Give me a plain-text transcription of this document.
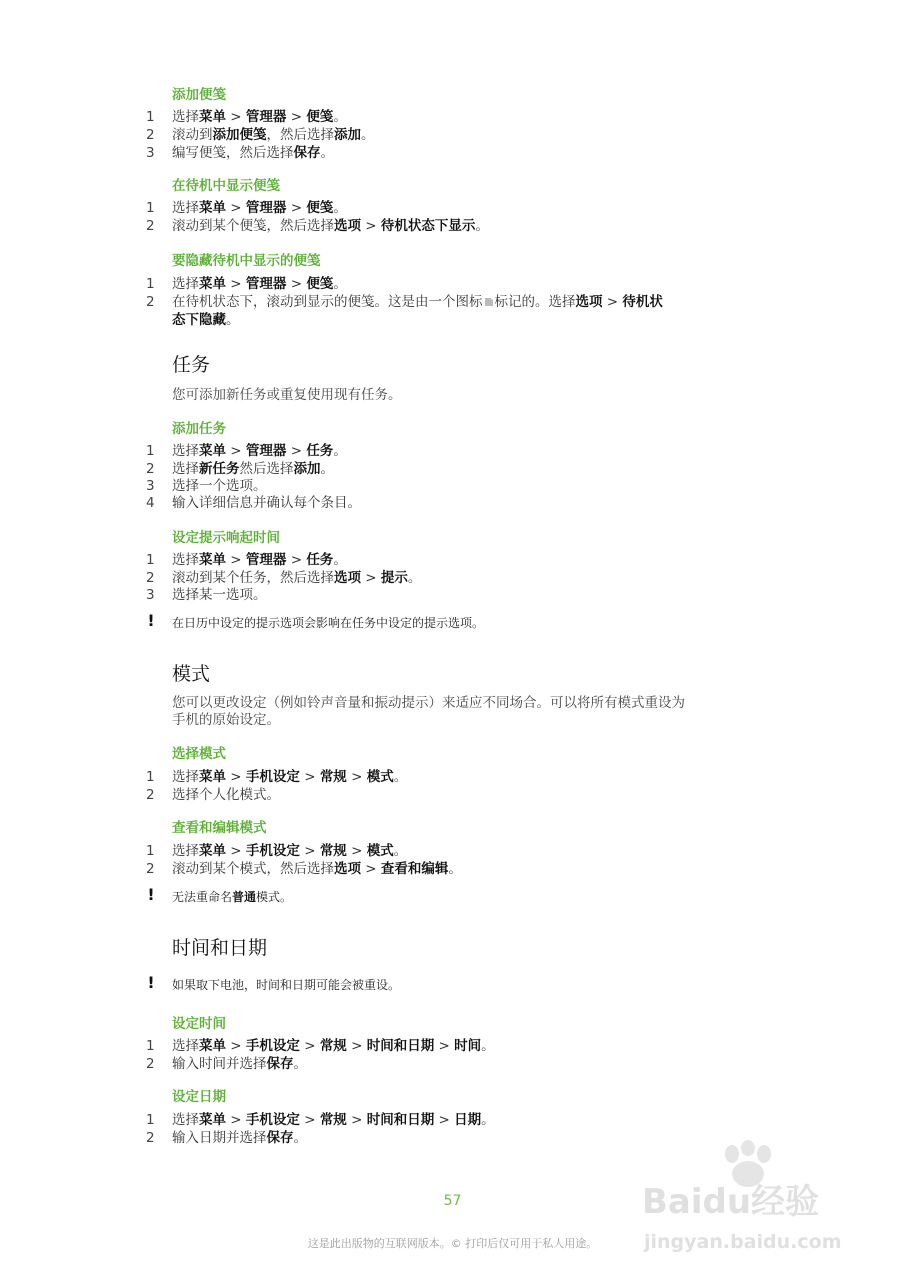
添加便笺
1	选择菜单 > 管理器 > 便笺。
2	滚动到添加便笺，然后选择添加。
3	编写便笺，然后选择保存。
在待机中显示便笺
1	选择菜单 > 管理器 > 便笺。
2	滚动到某个便笺，然后选择选项 > 待机状态下显示。
要隐藏待机中显示的便笺
1	选择菜单 > 管理器 > 便笺。
2	在待机状态下，滚动到显示的便笺。这是由一个图标 标记的。选择选项 > 待机状
态下隐藏。
任务
您可添加新任务或重复使用现有任务。
添加任务
1	选择菜单 > 管理器 > 任务。
2	选择新任务然后选择添加。
3	选择一个选项。
4	输入详细信息并确认每个条目。
设定提示响起时间
1	选择菜单 > 管理器 > 任务。
2	滚动到某个任务，然后选择选项 > 提示。
3	选择某一选项。
! 在日历中设定的提示选项会影响在任务中设定的提示选项。
模式
您可以更改设定（例如铃声音量和振动提示）来适应不同场合。可以将所有模式重设为
手机的原始设定。
选择模式
1	选择菜单 > 手机设定 > 常规 > 模式。
2	选择个人化模式。
查看和编辑模式
1	选择菜单 > 手机设定 > 常规 > 模式。
2	滚动到某个模式，然后选择选项 > 查看和编辑。
! 无法重命名普通模式。
时间和日期
! 如果取下电池，时间和日期可能会被重设。
设定时间
1	选择菜单 > 手机设定 > 常规 > 时间和日期 > 时间。
2	输入时间并选择保存。
设定日期
1	选择菜单 > 手机设定 > 常规 > 时间和日期 > 日期。
2	输入日期并选择保存。
57	Baidu经验
jingyan.baidu.com
这是此出版物的互联网版本。© 打印后仅可用于私人用途。
